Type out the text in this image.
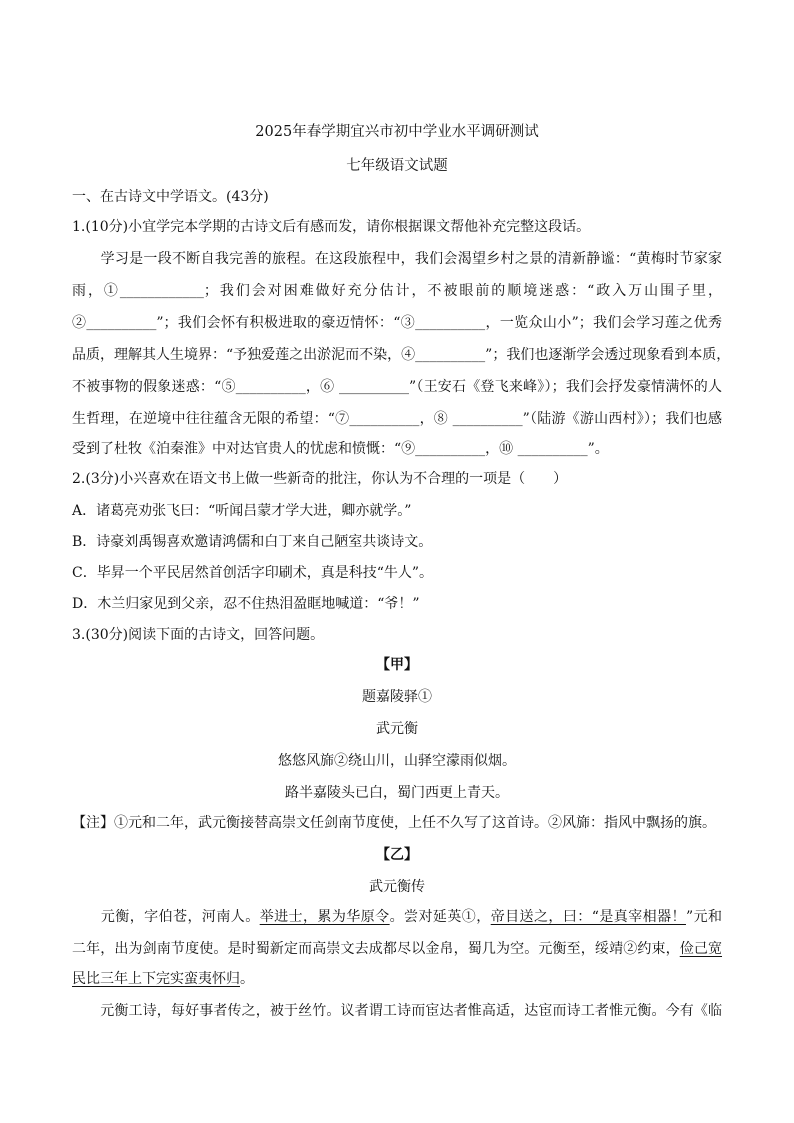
2025年春学期宜兴市初中学业水平调研测试
七年级语文试题
一、在古诗文中学语文。(43分)
1.(10分)小宜学完本学期的古诗文后有感而发，请你根据课文帮他补充完整这段话。
　　学习是一段不断自我完善的旅程。在这段旅程中，我们会渴望乡村之景的清新静谧：“黄梅时节家家
雨，①____________；我们会对困难做好充分估计，不被眼前的顺境迷惑：“政入万山围子里，
②__________”；我们会怀有积极进取的豪迈情怀：“③__________，一览众山小”；我们会学习莲之优秀
品质，理解其人生境界：“予独爱莲之出淤泥而不染，④__________”；我们也逐渐学会透过现象看到本质，
不被事物的假象迷惑：“⑤__________，⑥ __________”（王安石《登飞来峰》）；我们会抒发豪情满怀的人
生哲理，在逆境中往往蕴含无限的希望：“⑦__________，⑧ __________”（陆游《游山西村》）；我们也感
受到了杜牧《泊秦淮》中对达官贵人的忧虑和愤慨：“⑨__________，⑩ __________”。
2.(3分)小兴喜欢在语文书上做一些新奇的批注，你认为不合理的一项是（　　）
A．诸葛亮劝张飞曰：“听闻吕蒙才学大进，卿亦就学。”
B．诗豪刘禹锡喜欢邀请鸿儒和白丁来自己陋室共谈诗文。
C．毕昇一个平民居然首创活字印刷术，真是科技“牛人”。
D．木兰归家见到父亲，忍不住热泪盈眶地喊道：“爷！”
3.(30分)阅读下面的古诗文，回答问题。
【甲】
题嘉陵驿①
武元衡
悠悠风旆②绕山川，山驿空濛雨似烟。
路半嘉陵头已白，蜀门西更上青天。
【注】①元和二年，武元衡接替高崇文任剑南节度使，上任不久写了这首诗。②风旆：指风中飘扬的旗。
【乙】
武元衡传
　　元衡，字伯苍，河南人。举进士，累为华原令。尝对延英①，帝目送之，曰：“是真宰相器！”元和
二年，出为剑南节度使。是时蜀新定而高崇文去成都尽以金帛，蜀几为空。元衡至，绥靖②约束，俭己宽
民比三年上下完实蛮夷怀归。
　　元衡工诗，每好事者传之，被于丝竹。议者谓工诗而宦达者惟高适，达宦而诗工者惟元衡。今有《临
